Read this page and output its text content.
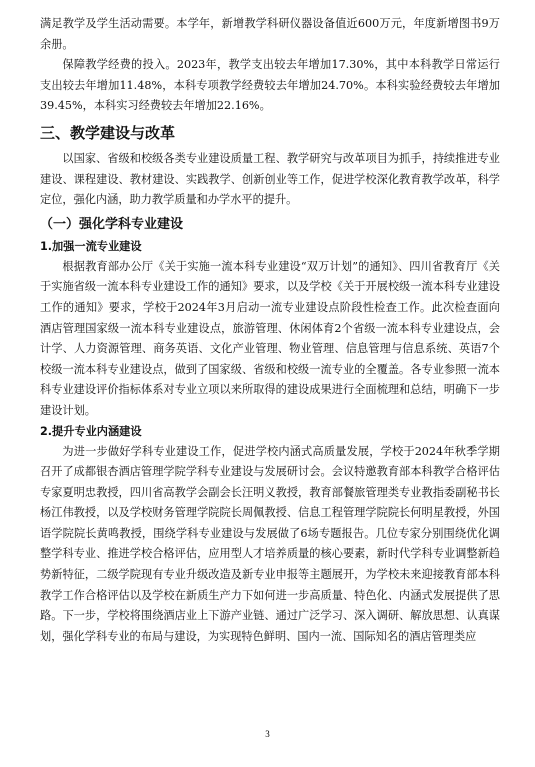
满足教学及学生活动需要。本学年，新增教学科研仪器设备值近600万元，年度新增图书9万余册。

保障教学经费的投入。2023年，教学支出较去年增加17.30%，其中本科教学日常运行支出较去年增加11.48%，本科专项教学经费较去年增加24.70%。本科实验经费较去年增加39.45%，本科实习经费较去年增加22.16%。

三、教学建设与改革

以国家、省级和校级各类专业建设质量工程、教学研究与改革项目为抓手，持续推进专业建设、课程建设、教材建设、实践教学、创新创业等工作，促进学校深化教育教学改革，科学定位，强化内涵，助力教学质量和办学水平的提升。

（一）强化学科专业建设
1.加强一流专业建设

根据教育部办公厅《关于实施一流本科专业建设“双万计划”的通知》、四川省教育厅《关于实施省级一流本科专业建设工作的通知》要求，以及学校《关于开展校级一流本科专业建设工作的通知》要求，学校于2024年3月启动一流专业建设点阶段性检查工作。此次检查面向酒店管理国家级一流本科专业建设点，旅游管理、休闲体育2个省级一流本科专业建设点，会计学、人力资源管理、商务英语、文化产业管理、物业管理、信息管理与信息系统、英语7个校级一流本科专业建设点，做到了国家级、省级和校级一流专业的全覆盖。各专业参照一流本科专业建设评价指标体系对专业立项以来所取得的建设成果进行全面梳理和总结，明确下一步建设计划。

2.提升专业内涵建设

为进一步做好学科专业建设工作，促进学校内涵式高质量发展，学校于2024年秋季学期召开了成都银杏酒店管理学院学科专业建设与发展研讨会。会议特邀教育部本科教学合格评估专家夏明忠教授，四川省高教学会副会长汪明义教授，教育部餐旅管理类专业教指委副秘书长杨江伟教授，以及学校财务管理学院院长周佩教授、信息工程管理学院院长何明星教授，外国语学院院长黄鸣教授，围绕学科专业建设与发展做了6场专题报告。几位专家分别围绕优化调整学科专业、推进学校合格评估，应用型人才培养质量的核心要素，新时代学科专业调整新趋势新特征，二级学院现有专业升级改造及新专业申报等主题展开，为学校未来迎接教育部本科教学工作合格评估以及学校在新质生产力下如何进一步高质量、特色化、内涵式发展提供了思路。下一步，学校将围绕酒店业上下游产业链、通过广泛学习、深入调研、解放思想、认真谋划，强化学科专业的布局与建设，为实现特色鲜明、国内一流、国际知名的酒店管理类应

3
